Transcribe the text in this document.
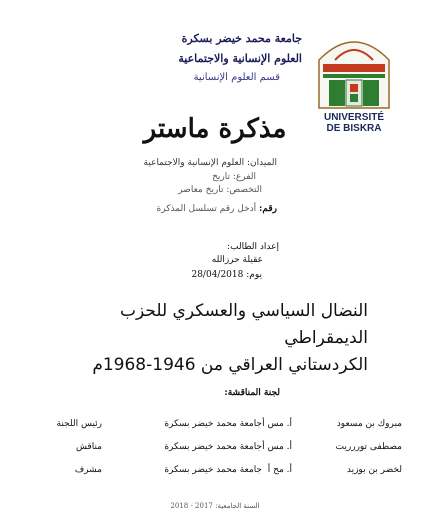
UNIVERSITÉ
DE BISKRA
جامعة محمد خيضر بسكرة
العلوم الإنسانية والاجتماعية
قسم العلوم الإنسانية
مذكرة ماستر
الميدان: العلوم الإنسانية والاجتماعية
الفرع: تاريخ
التخصص: تاريخ معاصر
رقم: أدخل رقم تسلسل المذكرة
إعداد الطالب:
عقيلة حرزالله
يوم: 28/04/2018
النضال السياسي والعسكري للحزب الديمقراطي
الكردستاني العراقي من 1946-1968م
لجنة المناقشة:
مبروك بن مسعود
أ. مس أ
جامعة محمد خيضر بسكرة
رئيس اللجنة
مصطفى توررريت
أ. مس أ
جامعة محمد خيضر بسكرة
مناقش
لخضر بن بوزيد
أ. مح أ
جامعة محمد خيضر بسكرة
مشرف
السنة الجامعية: 2017 - 2018
